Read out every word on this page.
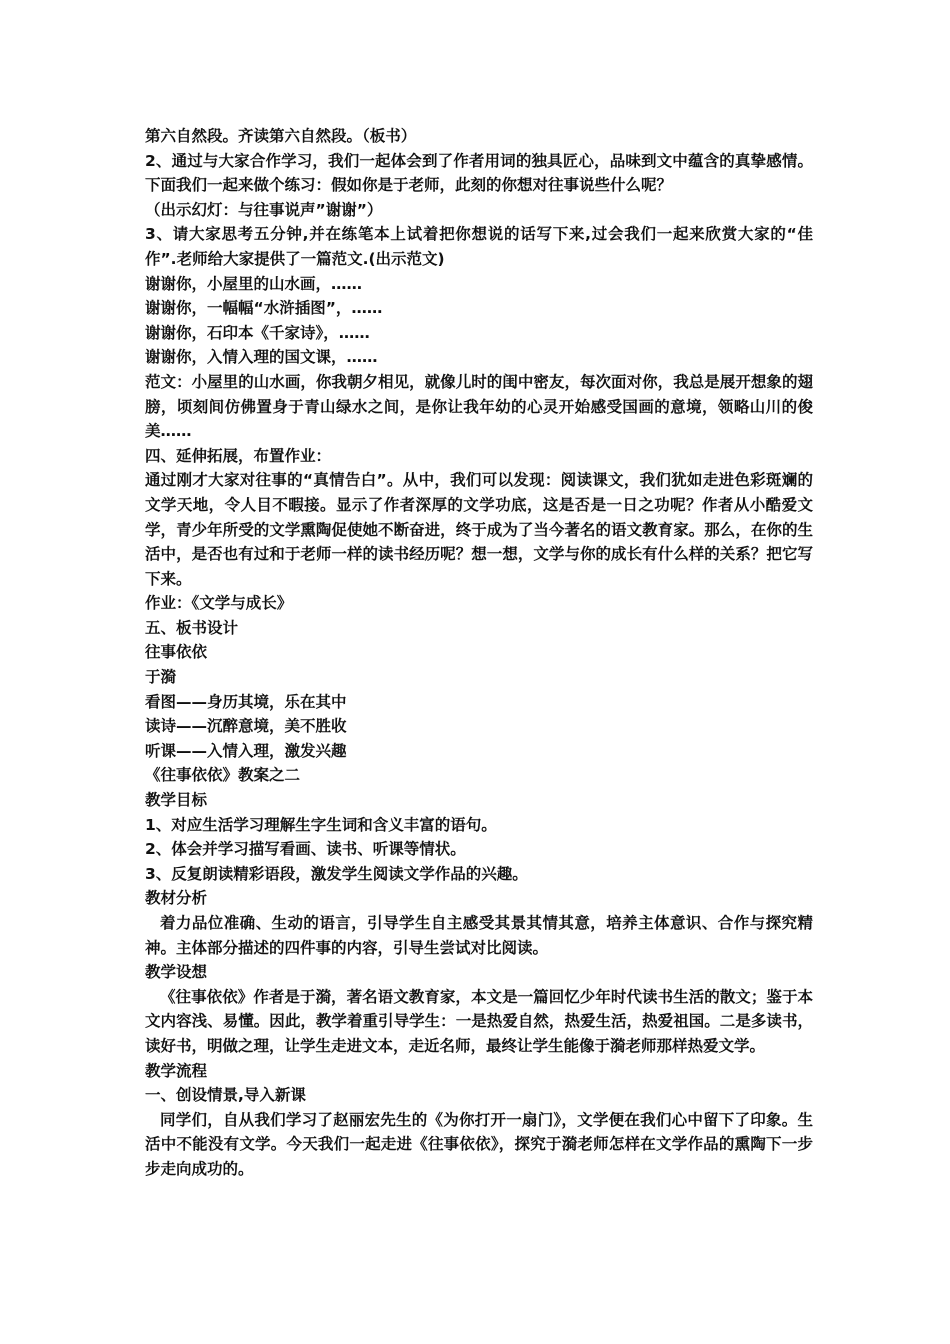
第六自然段。齐读第六自然段。（板书）

2、通过与大家合作学习，我们一起体会到了作者用词的独具匠心，品味到文中蕴含的真挚感情。下面我们一起来做个练习：假如你是于老师，此刻的你想对往事说些什么呢？

（出示幻灯：与往事说声”谢谢”）

3、请大家思考五分钟,并在练笔本上试着把你想说的话写下来,过会我们一起来欣赏大家的“佳作”.老师给大家提供了一篇范文.(出示范文)

谢谢你，小屋里的山水画，……

谢谢你，一幅幅“水浒插图”，……

谢谢你，石印本《千家诗》，……

谢谢你，入情入理的国文课，……

范文：小屋里的山水画，你我朝夕相见，就像儿时的闺中密友，每次面对你，我总是展开想象的翅膀，顷刻间仿佛置身于青山绿水之间，是你让我年幼的心灵开始感受国画的意境，领略山川的俊美……

四、延伸拓展，布置作业：

通过刚才大家对往事的“真情告白”。从中，我们可以发现：阅读课文，我们犹如走进色彩斑斓的文学天地，令人目不暇接。显示了作者深厚的文学功底，这是否是一日之功呢？作者从小酷爱文学，青少年所受的文学熏陶促使她不断奋进，终于成为了当今著名的语文教育家。那么，在你的生活中，是否也有过和于老师一样的读书经历呢？想一想，文学与你的成长有什么样的关系？把它写下来。

作业：《文学与成长》

五、板书设计

往事依依

于漪

看图——身历其境，乐在其中

读诗——沉醉意境，美不胜收

听课——入情入理，激发兴趣

《往事依依》教案之二

教学目标

1、对应生活学习理解生字生词和含义丰富的语句。

2、体会并学习描写看画、读书、听课等情状。

3、反复朗读精彩语段，激发学生阅读文学作品的兴趣。

教材分析

着力品位准确、生动的语言，引导学生自主感受其景其情其意，培养主体意识、合作与探究精神。主体部分描述的四件事的内容，引导生尝试对比阅读。

教学设想

《往事依依》作者是于漪，著名语文教育家，本文是一篇回忆少年时代读书生活的散文；鉴于本文内容浅、易懂。因此，教学着重引导学生：一是热爱自然，热爱生活，热爱祖国。二是多读书，读好书，明做之理，让学生走进文本，走近名师，最终让学生能像于漪老师那样热爱文学。

教学流程

一、创设情景,导入新课

同学们，自从我们学习了赵丽宏先生的《为你打开一扇门》，文学便在我们心中留下了印象。生活中不能没有文学。今天我们一起走进《往事依依》，探究于漪老师怎样在文学作品的熏陶下一步步走向成功的。
